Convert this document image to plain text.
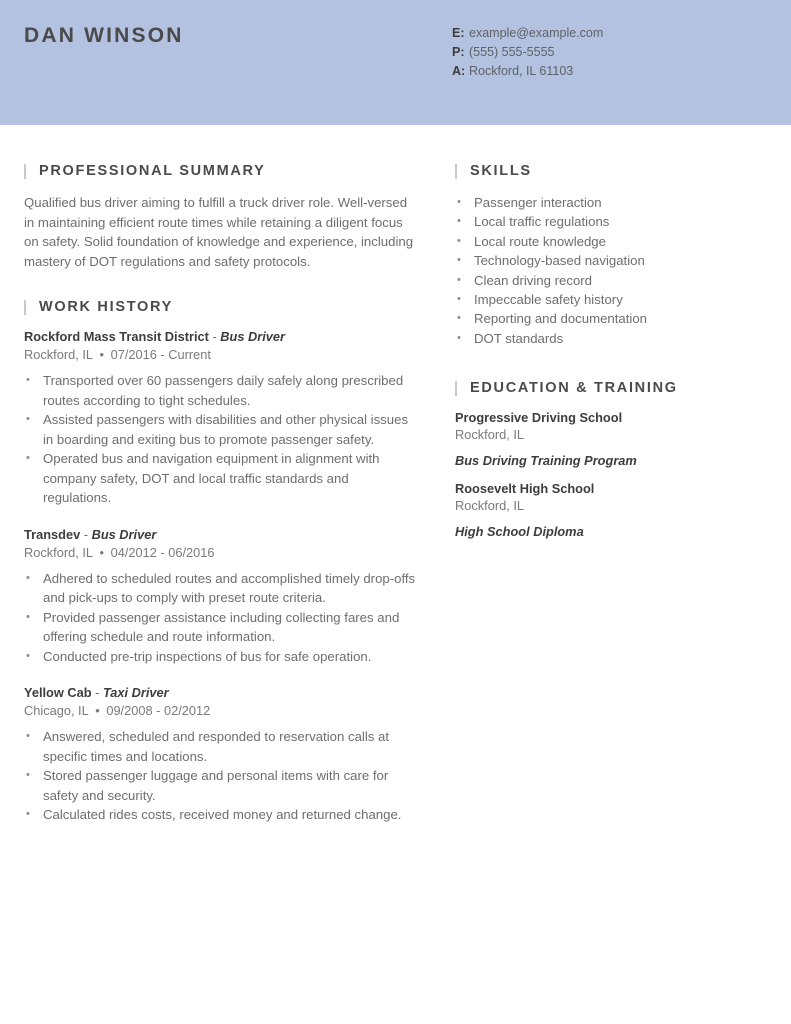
DAN WINSON	E: example@example.com
P: (555) 555-5555
A: Rockford, IL 61103
PROFESSIONAL SUMMARY

Qualified bus driver aiming to fulfill a truck driver role. Well-versed in maintaining efficient route times while retaining a diligent focus on safety. Solid foundation of knowledge and experience, including mastery of DOT regulations and safety protocols.

WORK HISTORY
Rockford Mass Transit District - Bus Driver
Rockford, IL • 07/2016 - Current
• Transported over 60 passengers daily safely along prescribed routes according to tight schedules.
• Assisted passengers with disabilities and other physical issues in boarding and exiting bus to promote passenger safety.
• Operated bus and navigation equipment in alignment with company safety, DOT and local traffic standards and regulations.
Transdev - Bus Driver
Rockford, IL • 04/2012 - 06/2016
• Adhered to scheduled routes and accomplished timely drop-offs and pick-ups to comply with preset route criteria.
• Provided passenger assistance including collecting fares and offering schedule and route information.
• Conducted pre-trip inspections of bus for safe operation.
Yellow Cab - Taxi Driver
Chicago, IL • 09/2008 - 02/2012
• Answered, scheduled and responded to reservation calls at specific times and locations.
• Stored passenger luggage and personal items with care for safety and security.
• Calculated rides costs, received money and returned change.
SKILLS
• Passenger interaction
• Local traffic regulations
• Local route knowledge
• Technology-based navigation
• Clean driving record
• Impeccable safety history
• Reporting and documentation
• DOT standards
EDUCATION & TRAINING
Progressive Driving School
Rockford, IL
Bus Driving Training Program
Roosevelt High School
Rockford, IL
High School Diploma
